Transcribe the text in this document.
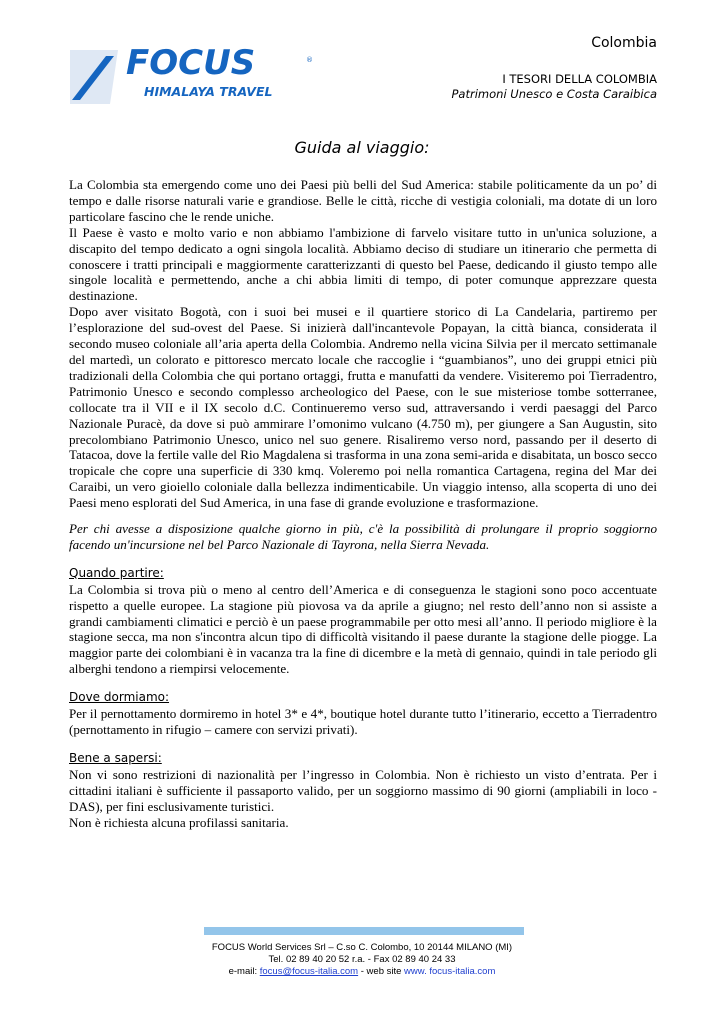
FOCUS
HIMALAYA TRAVEL
®
Colombia
I TESORI DELLA COLOMBIA
Patrimoni Unesco e Costa Caraibica
Guida al viaggio:

La Colombia sta emergendo come uno dei Paesi più belli del Sud America: stabile politicamente da un po’ di tempo e dalle risorse naturali varie e grandiose. Belle le città, ricche di vestigia coloniali, ma dotate di un loro particolare fascino che le rende uniche.

Il Paese è vasto e molto vario e non abbiamo l'ambizione di farvelo visitare tutto in un'unica soluzione, a discapito del tempo dedicato a ogni singola località. Abbiamo deciso di studiare un itinerario che permetta di conoscere i tratti principali e maggiormente caratterizzanti di questo bel Paese, dedicando il giusto tempo alle singole località e permettendo, anche a chi abbia limiti di tempo, di poter comunque apprezzare questa destinazione.

Dopo aver visitato Bogotà, con i suoi bei musei e il quartiere storico di La Candelaria, partiremo per l’esplorazione del sud-ovest del Paese. Si inizierà dall'incantevole Popayan, la città bianca, considerata il secondo museo coloniale all’aria aperta della Colombia. Andremo nella vicina Silvia per il mercato settimanale del martedì, un colorato e pittoresco mercato locale che raccoglie i “guambianos”, uno dei gruppi etnici più tradizionali della Colombia che qui portano ortaggi, frutta e manufatti da vendere. Visiteremo poi Tierradentro, Patrimonio Unesco e secondo complesso archeologico del Paese, con le sue misteriose tombe sotterranee, collocate tra il VII e il IX secolo d.C. Continueremo verso sud, attraversando i verdi paesaggi del Parco Nazionale Puracè, da dove si può ammirare l’omonimo vulcano (4.750 m), per giungere a San Augustin, sito precolombiano Patrimonio Unesco, unico nel suo genere. Risaliremo verso nord, passando per il deserto di Tatacoa, dove la fertile valle del Rio Magdalena si trasforma in una zona semi-arida e disabitata, un bosco secco tropicale che copre una superficie di 330 kmq. Voleremo poi nella romantica Cartagena, regina del Mar dei Caraibi, un vero gioiello coloniale dalla bellezza indimenticabile. Un viaggio intenso, alla scoperta di uno dei Paesi meno esplorati del Sud America, in una fase di grande evoluzione e trasformazione.

Per chi avesse a disposizione qualche giorno in più, c'è la possibilità di prolungare il proprio soggiorno facendo un'incursione nel bel Parco Nazionale di Tayrona, nella Sierra Nevada.

Quando partire:

La Colombia si trova più o meno al centro dell’America e di conseguenza le stagioni sono poco accentuate rispetto a quelle europee. La stagione più piovosa va da aprile a giugno; nel resto dell’anno non si assiste a grandi cambiamenti climatici e perciò è un paese programmabile per otto mesi all’anno. Il periodo migliore è la stagione secca, ma non s'incontra alcun tipo di difficoltà visitando il paese durante la stagione delle piogge. La maggior parte dei colombiani è in vacanza tra la fine di dicembre e la metà di gennaio, quindi in tale periodo gli alberghi tendono a riempirsi velocemente.

Dove dormiamo:

Per il pernottamento dormiremo in hotel 3* e 4*, boutique hotel durante tutto l’itinerario, eccetto a Tierradentro (pernottamento in rifugio – camere con servizi privati).

Bene a sapersi:

Non vi sono restrizioni di nazionalità per l’ingresso in Colombia. Non è richiesto un visto d’entrata. Per i cittadini italiani è sufficiente il passaporto valido, per un soggiorno massimo di 90 giorni (ampliabili in loco - DAS), per fini esclusivamente turistici.

Non è richiesta alcuna profilassi sanitaria.

FOCUS World Services Srl – C.so C. Colombo, 10 20144 MILANO (MI)
Tel. 02 89 40 20 52 r.a. - Fax 02 89 40 24 33
e-mail: focus@focus-italia.com - web site www. focus-italia.com
